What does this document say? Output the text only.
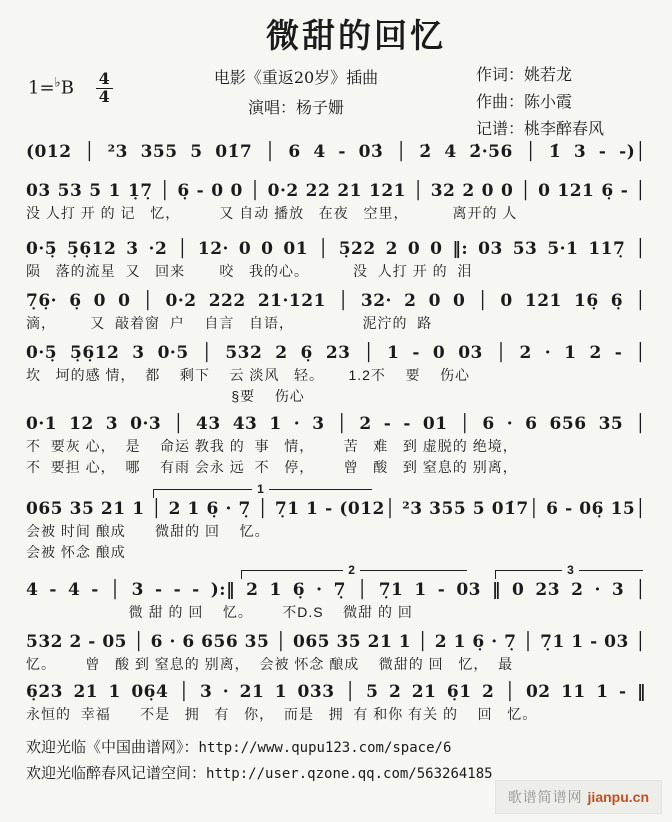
微甜的回忆
$1=^♭B \frac{4}{4}$	电影《重返20岁》插曲
演唱：杨子姗
作词：姚若龙
作曲：陈小霞
记谱：桃李醉春风
(012 │ ²3 355 5 01̇7 │ 6 4 - 03̇ │ 2̇ 4 2̇·56 │ 1̇ 3 - -)│
03 53 5 1 1̣7̣ │ 6̣ - 0 0 │ 0·2 22 21 121 │ 32 2 0 0 │ 0 121 6̣ - │
没 人打 开 的 记   忆，        又 自动 播放   在夜   空里，         离开的 人
0·5̣ 5̣6̣12 3 ·2 │ 12· 0 0 01 │ 5̣22 2 0 0 ‖: 03 53 5·1 117̣ │
陨   落的流星  又   回来       咬   我的心。         没  人打 开 的  泪
7̣6̣· 6̣ 0 0 │ 0·2 222 21·121 │ 32· 2 0 0 │ 0 121 16̣ 6̣ │
滴，       又  敲着窗  户    自言   自语，              泥泞的  路
0·5̣ 5̣6̣12 3 0·5 │ 532 2 6̣ 23 │ 1 - 0 03 │ 2 · 1 2 - │
坎   坷的感 情，  都    剩下    云 淡风   轻。     1.2不    要    伤心
§要    伤心
0·1 12 3 0·3 │ 43 43 1 · 3 │ 2 - - 01 │ 6 · 6 656 35 │
不  要灰 心，  是    命运 教我 的  事   情，      苦   难   到 虚脱的 绝境，
不  要担 心，  哪    有雨 会永 远  不   停，      曾   酸   到 窒息的 别离，
1
065 35 21 1 │ 2 1 6̣ · 7̣ │ 7̣1 1 - (012│ ²3 355 5 01̇7│ 6 - 06̣ 15│
会被 时间 酿成      微甜的 回    忆。
会被 怀念 酿成
2	3
4 - 4 - │ 3 - - - ):‖ 2 1 6̣ · 7̣ │ 7̣1 1 - 03 ‖ 0 23 2 · 3 │
微 甜 的 回    忆。      不D.S    微甜 的 回
532 2 - 05 │ 6 · 6 656 35 │ 065 35 21 1 │ 2 1 6̣ · 7̣ │ 7̣1 1 - 03 │
忆。      曾   酸 到 窒息的 别离，  会被 怀念 酿成    微甜的 回   忆，  最
6̣23 21 1 06̣4 │ 3 · 21 1 033 │ 5 2 21 6̣1 2 │ 02 11 1 - ‖
永恒的  幸福      不是   拥   有   你，  而是   拥  有 和你 有关 的    回   忆。
欢迎光临《中国曲谱网》：http://www.qupu123.com/space/6
欢迎光临醉春风记谱空间：http://user.qzone.qq.com/563264185
歌谱简谱网 jianpu.cn
